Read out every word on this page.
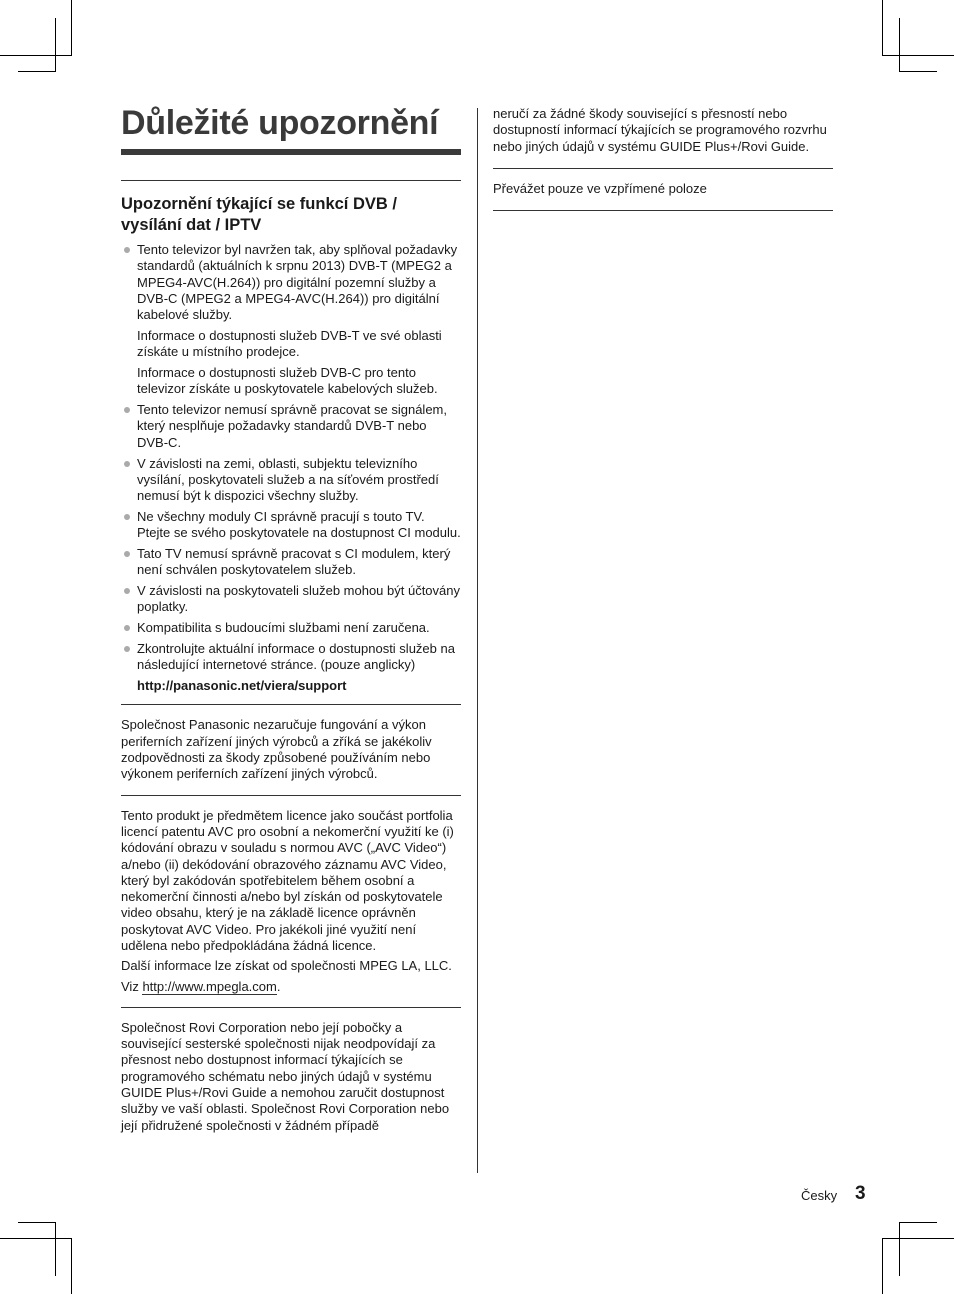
Důležité upozornění
Upozornění týkající se funkcí DVB / vysílání dat / IPTV
Tento televizor byl navržen tak, aby splňoval požadavky standardů (aktuálních k srpnu 2013) DVB-T (MPEG2 a MPEG4-AVC(H.264)) pro digitální pozemní služby a DVB-C (MPEG2 a MPEG4-AVC(H.264)) pro digitální kabelové služby.

Informace o dostupnosti služeb DVB-T ve své oblasti získáte u místního prodejce.

Informace o dostupnosti služeb DVB-C pro tento televizor získáte u poskytovatele kabelových služeb.

Tento televizor nemusí správně pracovat se signálem, který nesplňuje požadavky standardů DVB-T nebo DVB-C.
V závislosti na zemi, oblasti, subjektu televizního vysílání, poskytovateli služeb a na síťovém prostředí nemusí být k dispozici všechny služby.
Ne všechny moduly CI správně pracují s touto TV. Ptejte se svého poskytovatele na dostupnost CI modulu.
Tato TV nemusí správně pracovat s CI modulem, který není schválen poskytovatelem služeb.
V závislosti na poskytovateli služeb mohou být účtovány poplatky.
Kompatibilita s budoucími službami není zaručena.
Zkontrolujte aktuální informace o dostupnosti služeb na následující internetové stránce. (pouze anglicky)

http://panasonic.net/viera/support

Společnost Panasonic nezaručuje fungování a výkon periferních zařízení jiných výrobců a zříká se jakékoliv zodpovědnosti za škody způsobené používáním nebo výkonem periferních zařízení jiných výrobců.

Tento produkt je předmětem licence jako součást portfolia licencí patentu AVC pro osobní a nekomerční využití ke (i) kódování obrazu v souladu s normou AVC („AVC Video“) a/nebo (ii) dekódování obrazového záznamu AVC Video, který byl zakódován spotřebitelem během osobní a nekomerční činnosti a/nebo byl získán od poskytovatele video obsahu, který je na základě licence oprávněn poskytovat AVC Video. Pro jakékoli jiné využití není udělena nebo předpokládána žádná licence.

Další informace lze získat od společnosti MPEG LA, LLC.

Viz http://www.mpegla.com.

Společnost Rovi Corporation nebo její pobočky a související sesterské společnosti nijak neodpovídají za přesnost nebo dostupnost informací týkajících se programového schématu nebo jiných údajů v systému GUIDE Plus+/Rovi Guide a nemohou zaručit dostupnost služby ve vaší oblasti. Společnost Rovi Corporation nebo její přidružené společnosti v žádném případě

neručí za žádné škody související s přesností nebo dostupností informací týkajících se programového rozvrhu nebo jiných údajů v systému GUIDE Plus+/Rovi Guide.

Převážet pouze ve vzpřímené poloze

Česky 3
